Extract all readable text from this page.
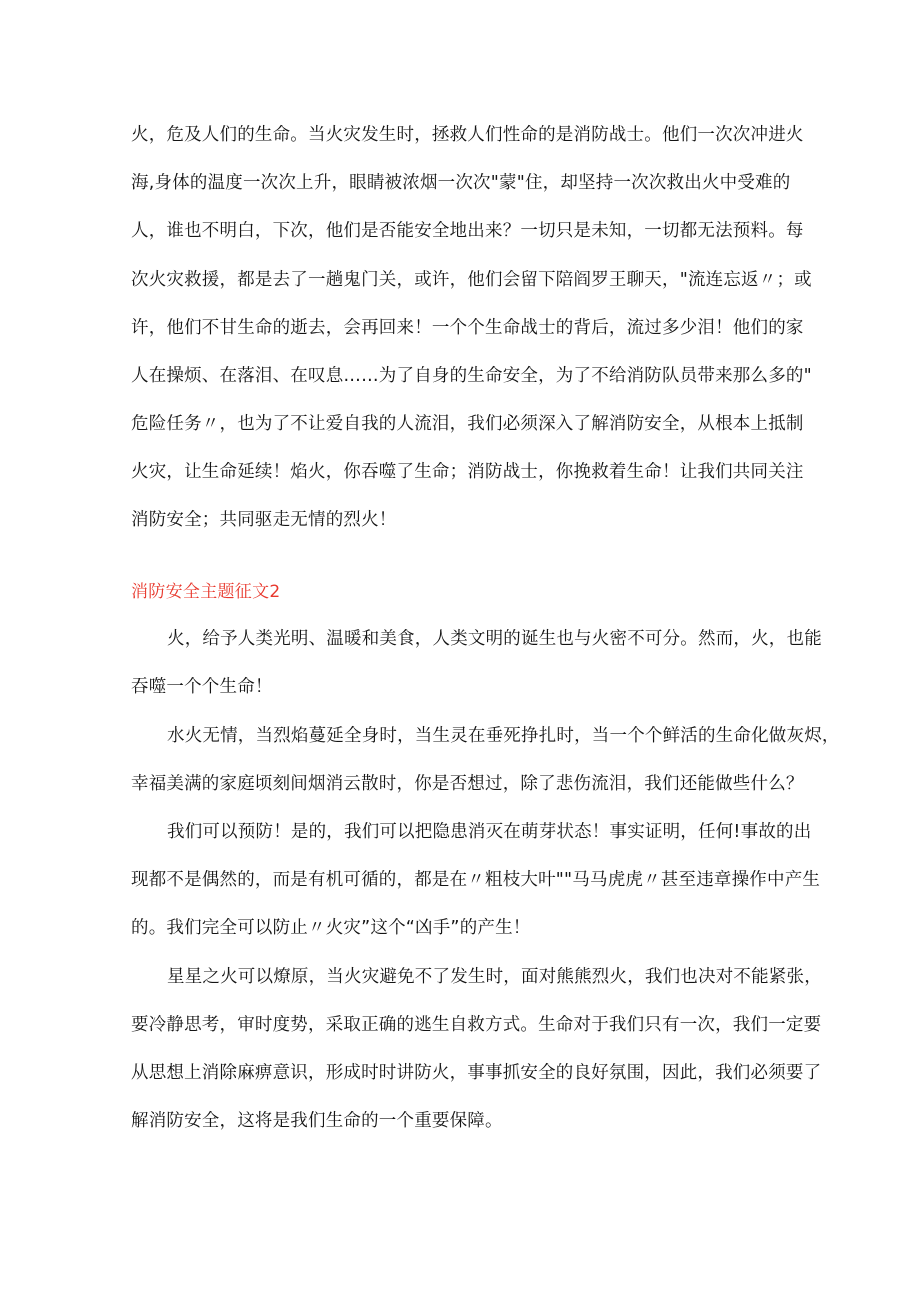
火，危及人们的生命。当火灾发生时，拯救人们性命的是消防战士。他们一次次冲进火
海,身体的温度一次次上升，眼睛被浓烟一次次"蒙"住，却坚持一次次救出火中受难的
人，谁也不明白，下次，他们是否能安全地出来？一切只是未知，一切都无法预料。每
次火灾救援，都是去了一趟鬼门关，或许，他们会留下陪阎罗王聊天，"流连忘返〃；或
许，他们不甘生命的逝去，会再回来！一个个生命战士的背后，流过多少泪！他们的家
人在操烦、在落泪、在叹息……为了自身的生命安全，为了不给消防队员带来那么多的"
危险任务〃，也为了不让爱自我的人流泪，我们必须深入了解消防安全，从根本上抵制
火灾，让生命延续！焰火，你吞噬了生命；消防战士，你挽救着生命！让我们共同关注
消防安全；共同驱走无情的烈火！
消防安全主题征文2
火，给予人类光明、温暖和美食，人类文明的诞生也与火密不可分。然而，火，也能
吞噬一个个生命！
水火无情，当烈焰蔓延全身时，当生灵在垂死挣扎时，当一个个鲜活的生命化做灰烬，
幸福美满的家庭顷刻间烟消云散时，你是否想过，除了悲伤流泪，我们还能做些什么？
我们可以预防！是的，我们可以把隐患消灭在萌芽状态！事实证明，任何!事故的出
现都不是偶然的，而是有机可循的，都是在〃粗枝大叶""马马虎虎〃甚至违章操作中产生
的。我们完全可以防止〃火灾”这个“凶手”的产生！
星星之火可以燎原，当火灾避免不了发生时，面对熊熊烈火，我们也决对不能紧张，
要冷静思考，审时度势，采取正确的逃生自救方式。生命对于我们只有一次，我们一定要
从思想上消除麻痹意识，形成时时讲防火，事事抓安全的良好氛围，因此，我们必须要了
解消防安全，这将是我们生命的一个重要保障。
